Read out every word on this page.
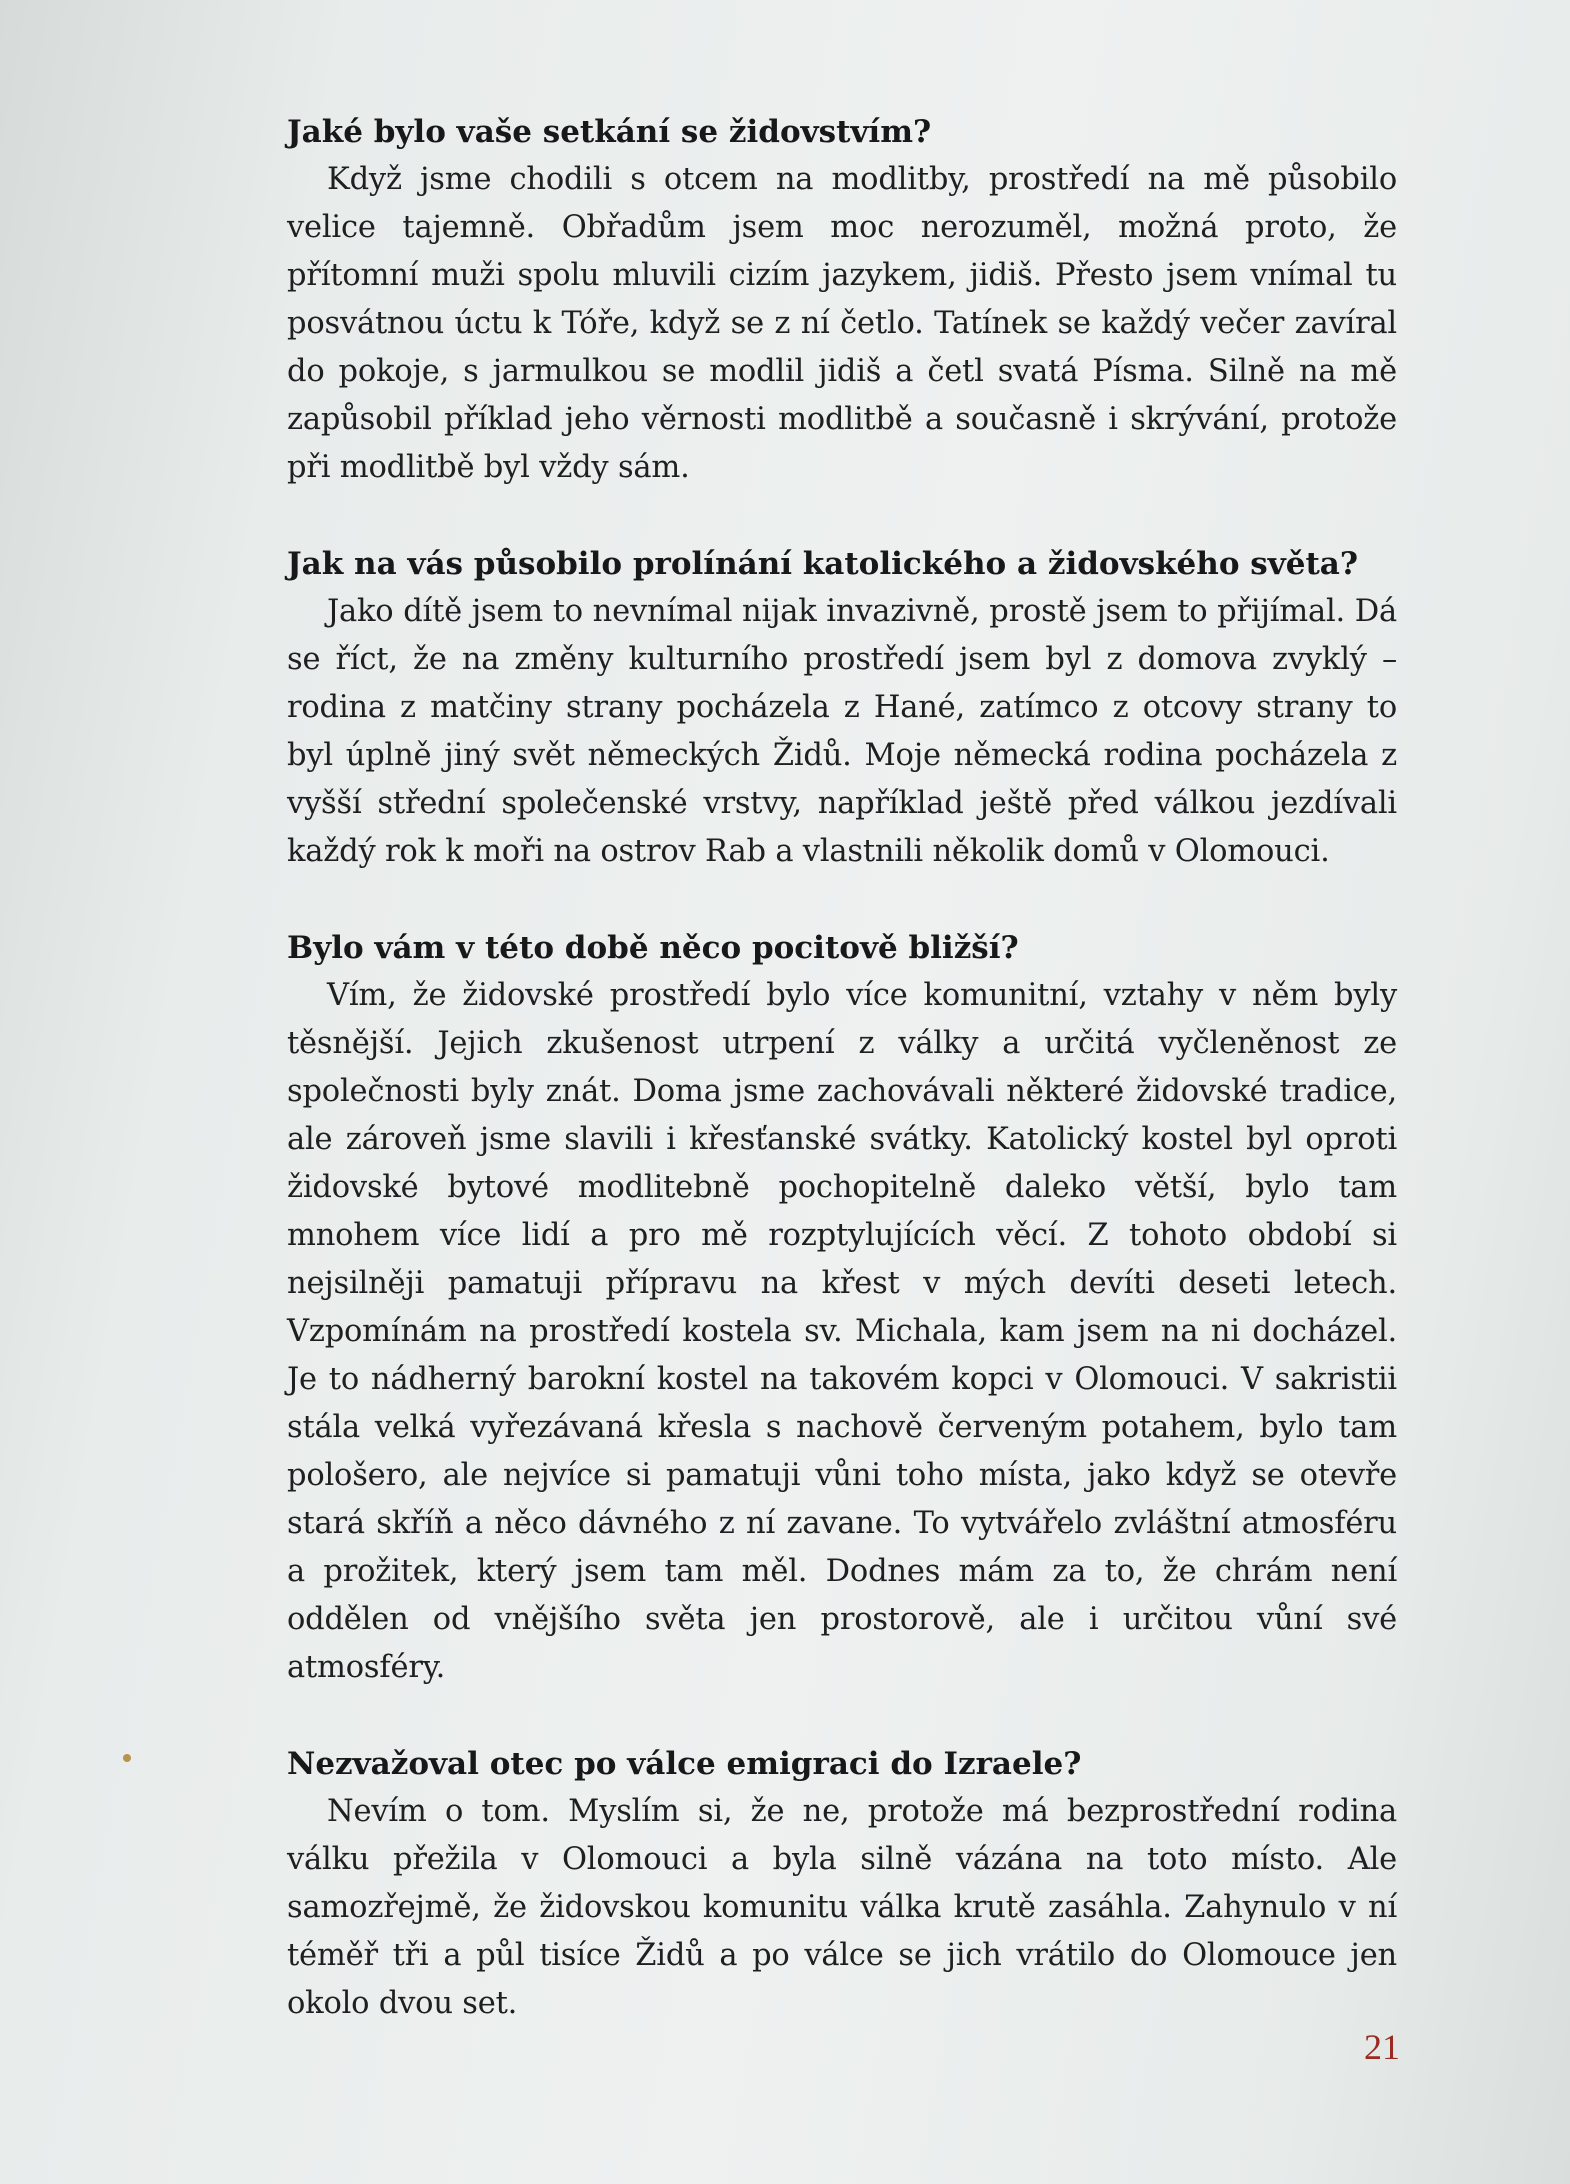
Jaké bylo vaše setkání se židovstvím?

Když jsme chodili s otcem na modlitby, prostředí na mě působilo velice tajemně. Obřadům jsem moc nerozuměl, možná proto, že přítomní muži spolu mluvili cizím jazykem, jidiš. Přesto jsem vnímal tu posvátnou úctu k Tóře, když se z ní četlo. Tatínek se každý večer zavíral do pokoje, s jarmulkou se modlil jidiš a četl svatá Písma. Silně na mě zapůsobil příklad jeho věrnosti modlitbě a současně i skrývání, protože při modlitbě byl vždy sám.

Jak na vás působilo prolínání katolického a židovského světa?

Jako dítě jsem to nevnímal nijak invazivně, prostě jsem to přijímal. Dá se říct, že na změny kulturního prostředí jsem byl z domova zvyklý – rodina z matčiny strany pocházela z Hané, zatímco z otcovy strany to byl úplně jiný svět německých Židů. Moje německá rodina pocházela z vyšší střední společenské vrstvy, například ještě před válkou jezdívali každý rok k moři na ostrov Rab a vlastnili několik domů v Olomouci.

Bylo vám v této době něco pocitově bližší?

Vím, že židovské prostředí bylo více komunitní, vztahy v něm byly těsnější. Jejich zkušenost utrpení z války a určitá vyčleněnost ze společnosti byly znát. Doma jsme zachovávali některé židovské tradice, ale zároveň jsme slavili i křesťanské svátky. Katolický kostel byl oproti židovské bytové modlitebně pochopitelně daleko větší, bylo tam mnohem více lidí a pro mě rozptylujících věcí. Z tohoto období si nejsilněji pamatuji přípravu na křest v mých devíti deseti letech. Vzpomínám na prostředí kostela sv. Michala, kam jsem na ni docházel. Je to nádherný barokní kostel na takovém kopci v Olomouci. V sakristii stála velká vyřezávaná křesla s nachově červeným potahem, bylo tam pološero, ale nejvíce si pamatuji vůni toho místa, jako když se otevře stará skříň a něco dávného z ní zavane. To vytvářelo zvláštní atmosféru a prožitek, který jsem tam měl. Dodnes mám za to, že chrám není oddělen od vnějšího světa jen prostorově, ale i určitou vůní své atmosféry.

Nezvažoval otec po válce emigraci do Izraele?

Nevím o tom. Myslím si, že ne, protože má bezprostřední rodina válku přežila v Olomouci a byla silně vázána na toto místo. Ale samozřejmě, že židovskou komunitu válka krutě zasáhla. Zahynulo v ní téměř tři a půl tisíce Židů a po válce se jich vrátilo do Olomouce jen okolo dvou set.

21
